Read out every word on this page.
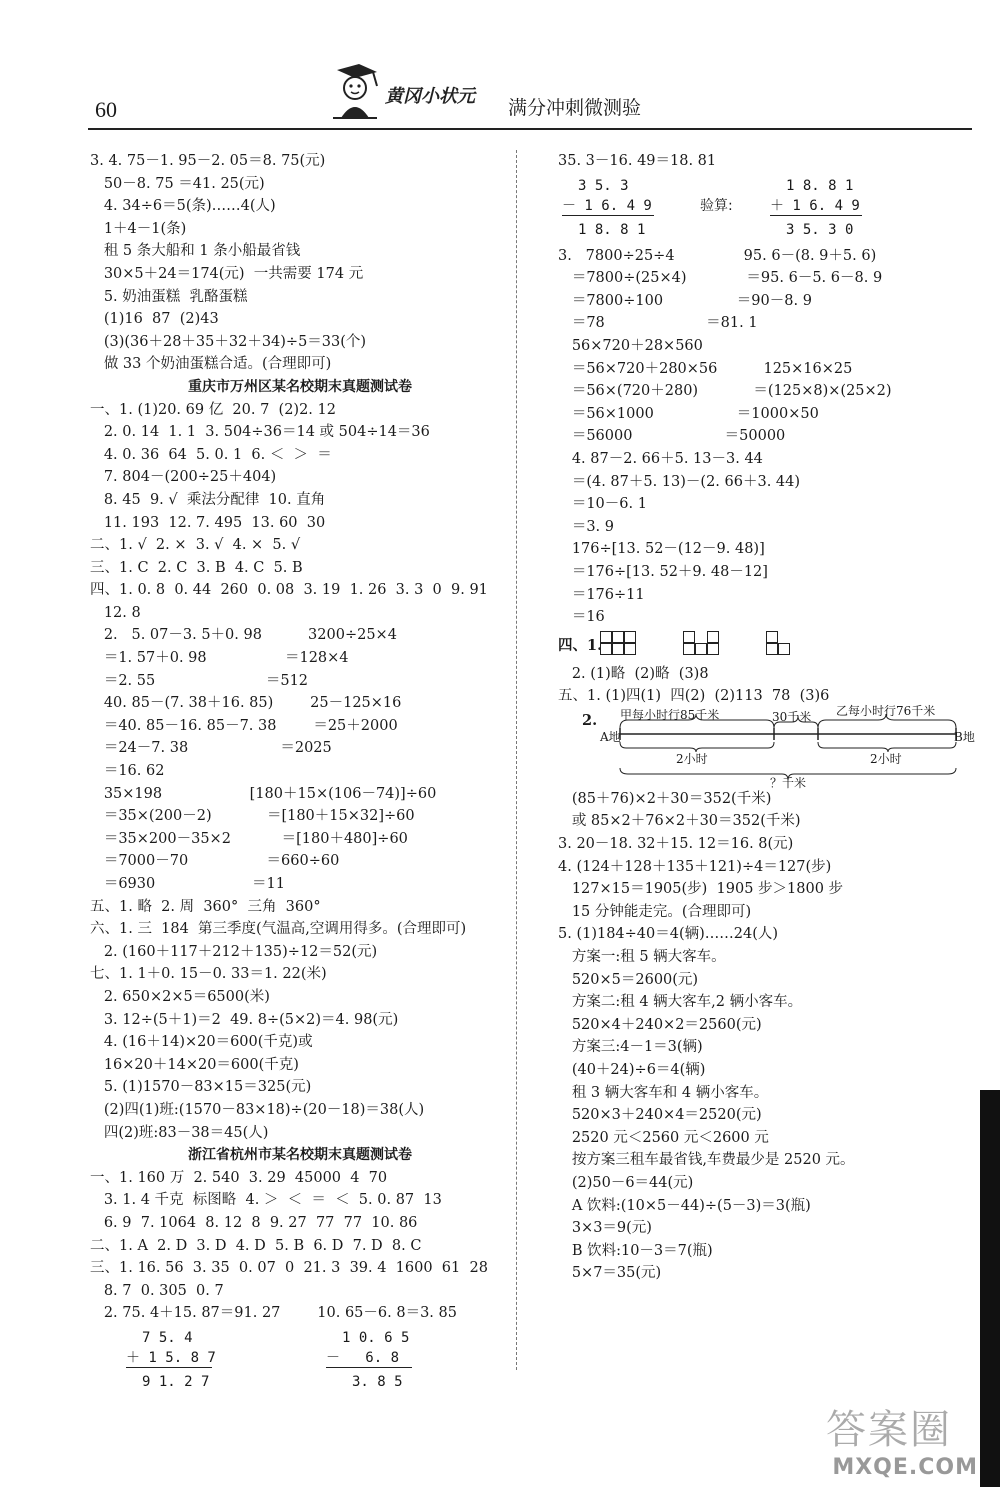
60
黄冈小状元
满分冲刺微测验
3. 4. 75－1. 95－2. 05＝8. 75(元)
50－8. 75 ＝41. 25(元)
4. 34÷6＝5(条)……4(人)
1＋4－1(条)
租 5 条大船和 1 条小船最省钱
30×5＋24＝174(元)  一共需要 174 元
5. 奶油蛋糕  乳酪蛋糕
(1)16  87  (2)43
(3)(36＋28＋35＋32＋34)÷5＝33(个)
做 33 个奶油蛋糕合适。(合理即可)
重庆市万州区某名校期末真题测试卷
一、1. (1)20. 69 亿  20. 7  (2)2. 12
2. 0. 14  1. 1  3. 504÷36＝14 或 504÷14＝36
4. 0. 36  64  5. 0. 1  6. ＜  ＞  ＝
7. 804－(200÷25＋404)
8. 45  9. √  乘法分配律  10. 直角
11. 193  12. 7. 495  13. 60  30
二、1. √  2. ×  3. √  4. ×  5. √
三、1. C  2. C  3. B  4. C  5. B
四、1. 0. 8  0. 44  260  0. 08  3. 19  1. 26  3. 3  0  9. 91
12. 8
2.   5. 07－3. 5＋0. 98          3200÷25×4
＝1. 57＋0. 98                 ＝128×4
＝2. 55                        ＝512
40. 85－(7. 38＋16. 85)        25－125×16
＝40. 85－16. 85－7. 38        ＝25＋2000
＝24－7. 38                    ＝2025
＝16. 62
35×198                   [180＋15×(106－74)]÷60
＝35×(200－2)            ＝[180＋15×32]÷60
＝35×200－35×2           ＝[180＋480]÷60
＝7000－70                 ＝660÷60
＝6930                     ＝11
五、1. 略  2. 周  360°  三角  360°
六、1. 三  184  第三季度(气温高,空调用得多。(合理即可)
2. (160＋117＋212＋135)÷12＝52(元)
七、1. 1＋0. 15－0. 33＝1. 22(米)
2. 650×2×5＝6500(米)
3. 12÷(5＋1)＝2  49. 8÷(5×2)＝4. 98(元)
4. (16＋14)×20＝600(千克)或
16×20＋14×20＝600(千克)
5. (1)1570－83×15＝325(元)
(2)四(1)班:(1570－83×18)÷(20－18)＝38(人)
四(2)班:83－38＝45(人)
浙江省杭州市某名校期末真题测试卷
一、1. 160 万  2. 540  3. 29  45000  4  70
3. 1. 4 千克  标图略  4. ＞  ＜  ＝  ＜  5. 0. 87  13
6. 9  7. 1064  8. 12  8  9. 27  77  77  10. 86
二、1. A  2. D  3. D  4. D  5. B  6. D  7. D  8. C
三、1. 16. 56  3. 35  0. 07  0  21. 3  39. 4  1600  61  28
8. 7  0. 305  0. 7
2. 75. 4＋15. 87＝91. 27        10. 65－6. 8＝3. 85
7 5. 4
＋ 1 5. 8 7
9 1. 2 7
1 0. 6 5
－   6. 8
3. 8 5
35. 3－16. 49＝18. 81
3 5. 3
－ 1 6. 4 9
1 8. 8 1
验算:
1 8. 8 1
＋ 1 6. 4 9
3 5. 3 0
3.   7800÷25÷4               95. 6－(8. 9＋5. 6)
＝7800÷(25×4)             ＝95. 6－5. 6－8. 9
＝7800÷100                ＝90－8. 9
＝78                      ＝81. 1
56×720＋28×560
＝56×720＋280×56          125×16×25
＝56×(720＋280)            ＝(125×8)×(25×2)
＝56×1000                  ＝1000×50
＝56000                    ＝50000
4. 87－2. 66＋5. 13－3. 44
＝(4. 87＋5. 13)－(2. 66＋3. 44)
＝10－6. 1
＝3. 9
176÷[13. 52－(12－9. 48)]
＝176÷[13. 52＋9. 48－12]
＝176÷11
＝16
四、1.
2. (1)略  (2)略  (3)8
五、1. (1)四(1)  四(2)  (2)113  78  (3)6
2. 甲每小时行85千米	30千米 乙每小时行76千米
A地	B地
2小时	2小时
？千米
(85＋76)×2＋30＝352(千米)
或 85×2＋76×2＋30＝352(千米)
3. 20－18. 32＋15. 12＝16. 8(元)
4. (124＋128＋135＋121)÷4＝127(步)
127×15＝1905(步)  1905 步＞1800 步
15 分钟能走完。(合理即可)
5. (1)184÷40＝4(辆)……24(人)
方案一:租 5 辆大客车。
520×5＝2600(元)
方案二:租 4 辆大客车,2 辆小客车。
520×4＋240×2＝2560(元)
方案三:4－1＝3(辆)
(40＋24)÷6＝4(辆)
租 3 辆大客车和 4 辆小客车。
520×3＋240×4＝2520(元)
2520 元＜2560 元＜2600 元
按方案三租车最省钱,车费最少是 2520 元。
(2)50－6＝44(元)
A 饮料:(10×5－44)÷(5－3)＝3(瓶)
3×3＝9(元)
B 饮料:10－3＝7(瓶)
5×7＝35(元)
答案圈
MXQE.COM
